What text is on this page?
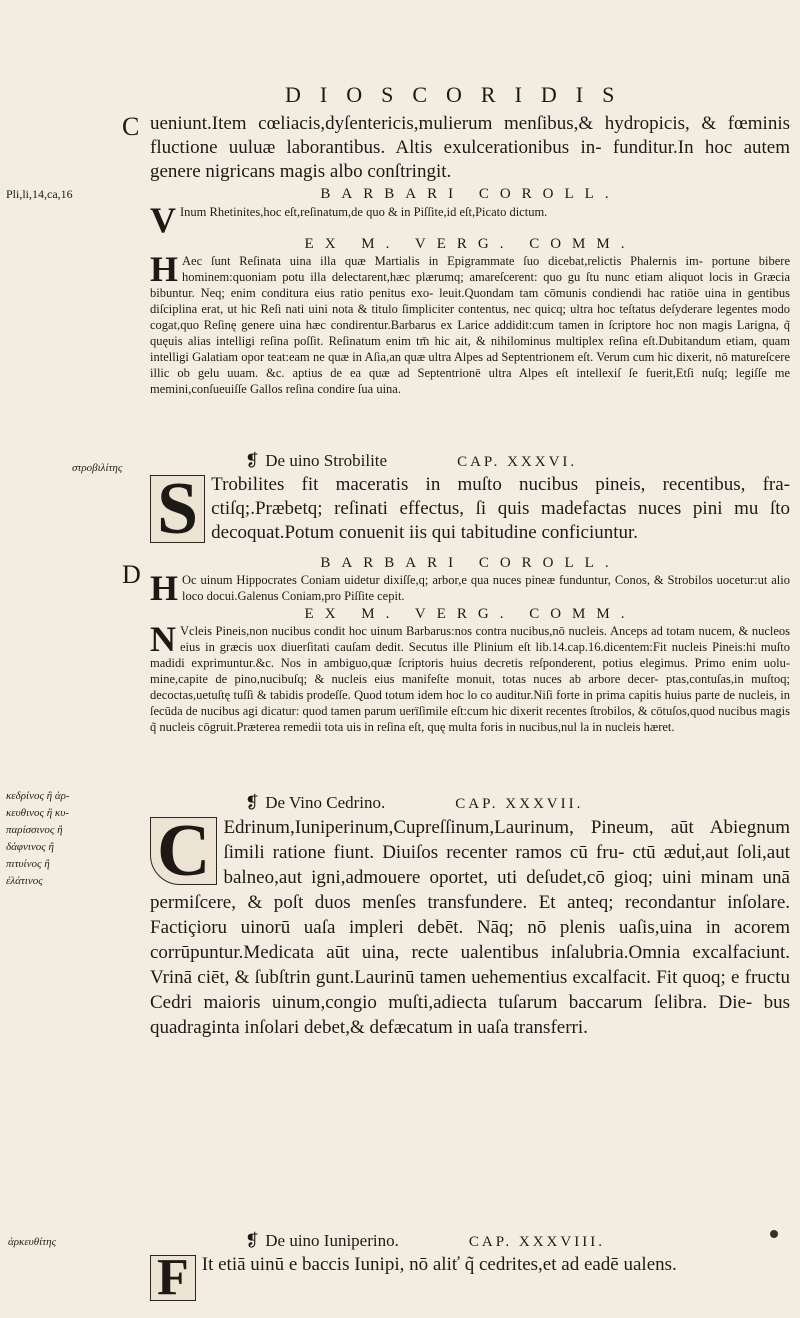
DIOSCORIDIS
C
Pli,li,14,ca,16
στροβιλίτης
D
κεδρίνος ἢ ἀρ-
κευθινος ἢ κυ-
παρίσσινος ἢ
δάφνινος ἢ
πιτυίνος ἢ
ἐλάτινος
ἀρκευθίτης

ueniunt.Item cœliacis,dyſentericis,mulierum menſibus,& hydropicis, & fœminis fluctione uuluæ laborantibus. Altis exulcerationibus in- funditur.In hoc autem genere nigricans magis albo conſtringit.

BARBARI COROLL.

V Inum Rhetinites,hoc eſt,reſinatum,de quo & in Piſſite,id eſt,Picato dictum.

EX M. VERG. COMM.

H Aec ſunt Reſinata uina illa quæ Martialis in Epigrammate ſuo dicebat,relictis Phalernis im- portune bibere hominem:quoniam potu illa delectarent,hæc plærumq; amareſcerent: quo gu ſtu nunc etiam aliquot locis in Græcia bibuntur. Neq; enim conditura eius ratio penitus exo- leuit.Quondam tam cōmunis condiendi hac ratiōe uina in gentibus diſciplina erat, ut hic Reſi nati uini nota & titulo ſimpliciter contentus, nec quicq; ultra hoc teſtatus deſyderare legentes modo cogat,quo Reſinę genere uina hæc condirentur.Barbarus ex Larice addidit:cum tamen in ſcriptore hoc non magis Larigna, q̃ quęuis alias intelligi reſina poſſit. Reſinatum enim tm̄ hic ait, & nihilominus multiplex reſina eſt.Dubitandum etiam, quam intelligi Galatiam opor teat:eam ne quæ in Aſia,an quæ ultra Alpes ad Septentrionem eſt. Verum cum hic dixerit, nō matureſcere illic ob gelu uuam. &c. aptius de ea quæ ad Septentrionē ultra Alpes eſt intellexiſ ſe fuerit,Etſi nuſq; legiſſe me memini,conſueuiſſe Gallos reſina condire ſua uina.

❡ De uino Strobilite	CAP. XXXVI.

S Trobilites fit maceratis in muſto nucibus pineis, recentibus, fra- ctiſq;.Præbetq; reſinati effectus, ſi quis madefactas nuces pini mu ſto decoquat.Potum conuenit iis qui tabitudine conficiuntur.

BARBARI COROLL.

H Oc uinum Hippocrates Coniam uidetur dixiſſe,q; arbor,e qua nuces pineæ funduntur, Conos, & Strobilos uocetur:ut alio loco docui.Galenus Coniam,pro Piſſite cepit.

EX M. VERG. COMM.

N Vcleis Pineis,non nucibus condit hoc uinum Barbarus:nos contra nucibus,nō nucleis. Anceps ad totam nucem, & nucleos eius in græcis uox diuerſitati cauſam dedit. Secutus ille Plinium eſt lib.14.cap.16.dicentem:Fit nucleis Pineis:hi muſto madidi exprimuntur.&c. Nos in ambiguo,quæ ſcriptoris huius decretis reſponderent, potius elegimus. Primo enim uolu- mine,capite de pino,nucibuſq; & nucleis eius manifeſte monuit, totas nuces ab arbore decer- ptas,contuſas,in muſtoq; decoctas,uetuſtę tuſſi & tabidis prodeſſe. Quod totum idem hoc lo co auditur.Niſi forte in prima capitis huius parte de nucleis, in ſecūda de nucibus agi dicatur: quod tamen parum uerïſimile eſt:cum hic dixerit recentes ſtrobilos, & cōtuſos,quod nucibus magis q̃ nucleis cōgruit.Præterea remedii tota uis in reſina eſt, quę multa foris in nucibus,nul la in nucleis hæret.

❡ De Vino Cedrino.	CAP. XXXVII.

C Edrinum,Iuniperinum,Cupreſſinum,Laurinum, Pineum, aūt Abiegnum ſimili ratione fiunt. Diuiſos recenter ramos cū fru- ctū æduṫ,aut ſoli,aut balneo,aut igni,admouere oportet, uti deſudet,cō gioq; uini minam unā permiſcere, & poſt duos menſes transfundere. Et anteq; recondantur inſolare. Factiçioru uinorū uaſa impleri debēt. Nāq; nō plenis uaſis,uina in acorem corrūpuntur.Medicata aūt uina, recte ualentibus inſalubria.Omnia excalfaciunt. Vrinā ciēt, & ſubſtrin gunt.Laurinū tamen uehementius excalfacit. Fit quoq; e fructu Cedri maioris uinum,congio muſti,adiecta tuſarum baccarum ſelibra. Die- bus quadraginta inſolari debet,& defæcatum in uaſa transferri.

❡ De uino Iuniperino.	CAP. XXXVIII.

F It etiā uinū e baccis Iunipi, nō aliť q̃ cedrites,et ad eadē ualens.
